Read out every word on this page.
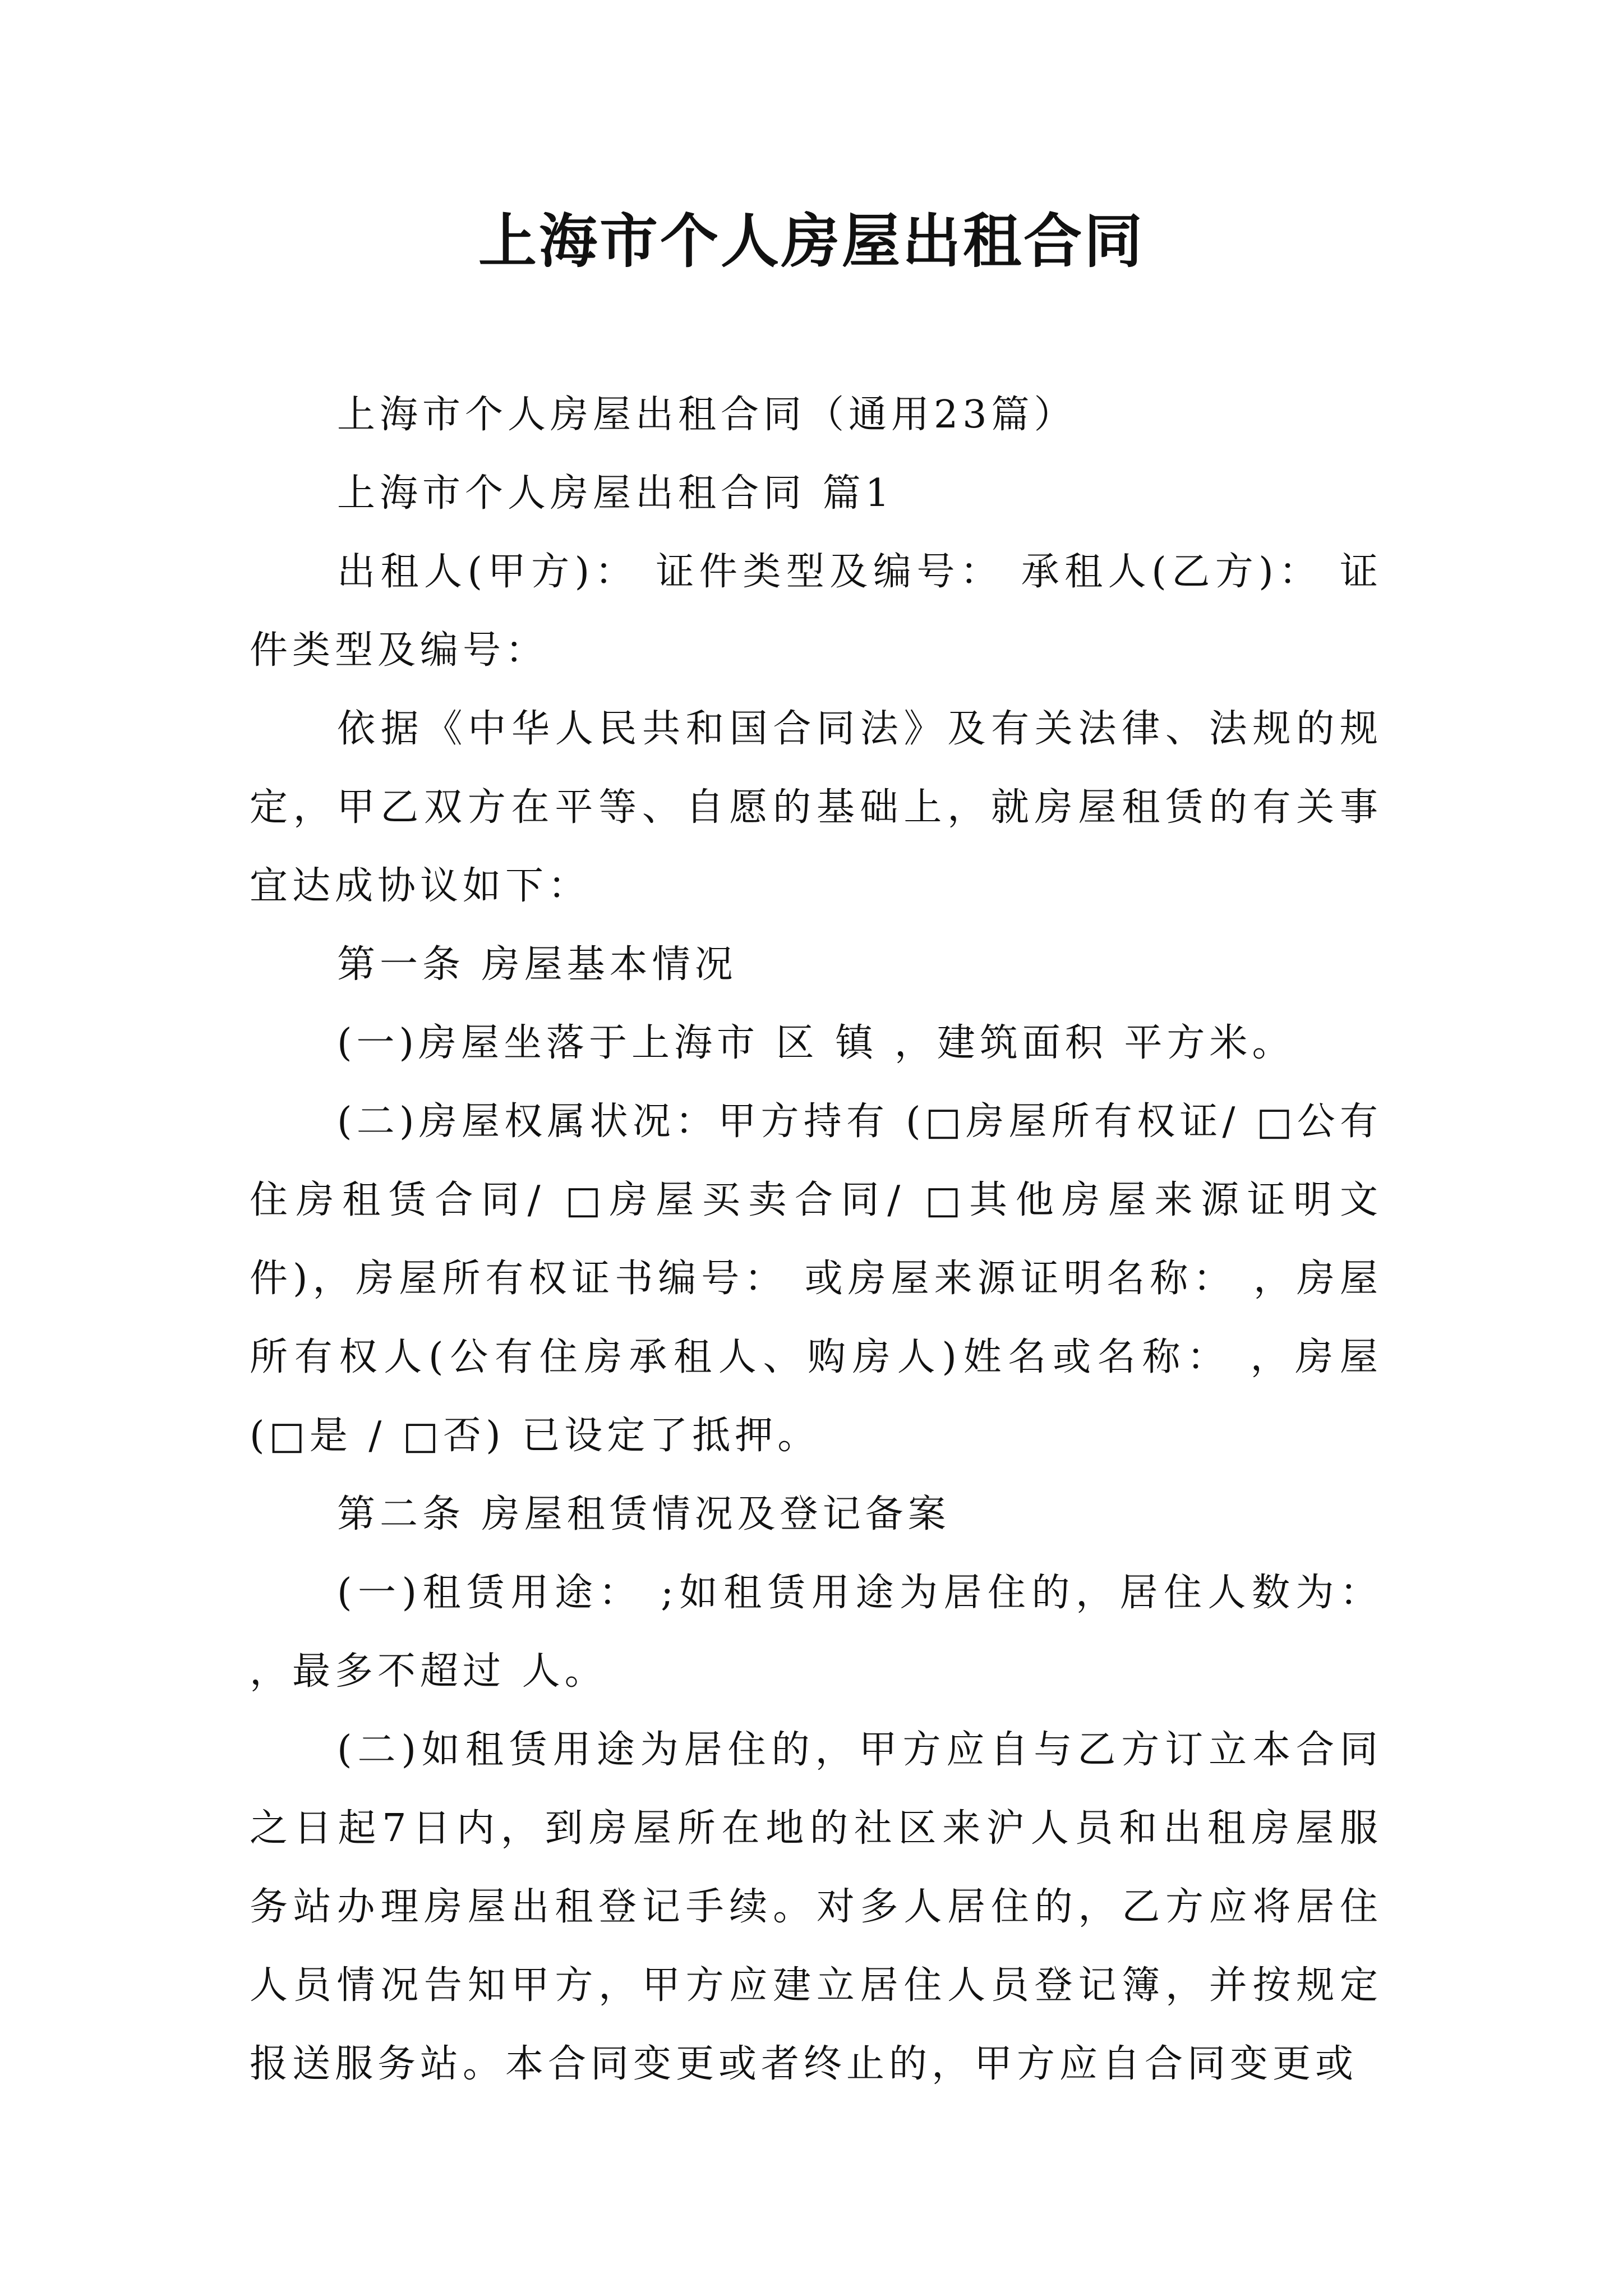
上海市个人房屋出租合同

上海市个人房屋出租合同（通用23篇）

上海市个人房屋出租合同 篇1

出租人(甲方)： 证件类型及编号： 承租人(乙方)： 证件类型及编号：

依据《中华人民共和国合同法》及有关法律、法规的规定，甲乙双方在平等、自愿的基础上，就房屋租赁的有关事宜达成协议如下：

第一条 房屋基本情况

(一)房屋坐落于上海市 区 镇 ，建筑面积 平方米。

(二)房屋权属状况：甲方持有 (□房屋所有权证/ □公有住房租赁合同/ □房屋买卖合同/ □其他房屋来源证明文件)，房屋所有权证书编号： 或房屋来源证明名称： ，房屋所有权人(公有住房承租人、购房人)姓名或名称： ，房屋(□是 / □否) 已设定了抵押。

第二条 房屋租赁情况及登记备案

(一)租赁用途： ;如租赁用途为居住的，居住人数为： ，最多不超过 人。

(二)如租赁用途为居住的，甲方应自与乙方订立本合同之日起7日内，到房屋所在地的社区来沪人员和出租房屋服务站办理房屋出租登记手续。对多人居住的，乙方应将居住人员情况告知甲方，甲方应建立居住人员登记簿，并按规定报送服务站。本合同变更或者终止的，甲方应自合同变更或
